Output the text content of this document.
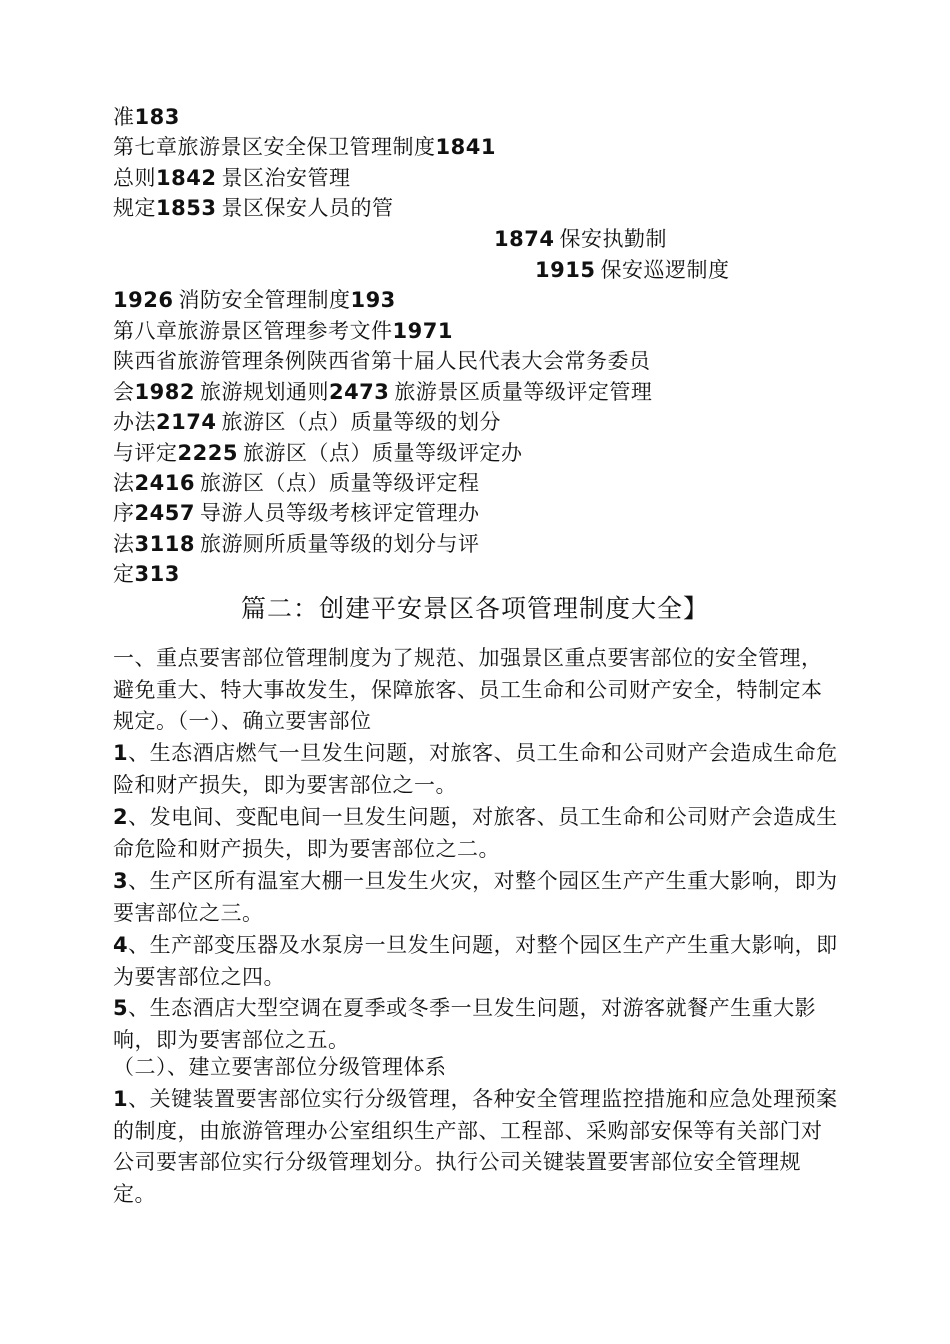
准183
第七章旅游景区安全保卫管理制度1841
总则1842 景区治安管理
规定1853 景区保安人员的管
1874 保安执勤制
1915 保安巡逻制度
1926 消防安全管理制度193
第八章旅游景区管理参考文件1971
陕西省旅游管理条例陕西省第十届人民代表大会常务委员
会1982 旅游规划通则2473 旅游景区质量等级评定管理
办法2174 旅游区（点）质量等级的划分
与评定2225 旅游区（点）质量等级评定办
法2416 旅游区（点）质量等级评定程
序2457 导游人员等级考核评定管理办
法3118 旅游厕所质量等级的划分与评
定313
篇二：创建平安景区各项管理制度大全】
一、重点要害部位管理制度为了规范、加强景区重点要害部位的安全管理，避免重大、特大事故发生，保障旅客、员工生命和公司财产安全，特制定本规定。（一）、确立要害部位
1、生态酒店燃气一旦发生问题，对旅客、员工生命和公司财产会造成生命危险和财产损失，即为要害部位之一。
2、发电间、变配电间一旦发生问题，对旅客、员工生命和公司财产会造成生命危险和财产损失，即为要害部位之二。
3、生产区所有温室大棚一旦发生火灾，对整个园区生产产生重大影响，即为要害部位之三。
4、生产部变压器及水泵房一旦发生问题，对整个园区生产产生重大影响，即为要害部位之四。
5、生态酒店大型空调在夏季或冬季一旦发生问题，对游客就餐产生重大影响，即为要害部位之五。
（二）、建立要害部位分级管理体系
1、关键装置要害部位实行分级管理，各种安全管理监控措施和应急处理预案的制度，由旅游管理办公室组织生产部、工程部、采购部安保等有关部门对公司要害部位实行分级管理划分。执行公司关键装置要害部位安全管理规定。
